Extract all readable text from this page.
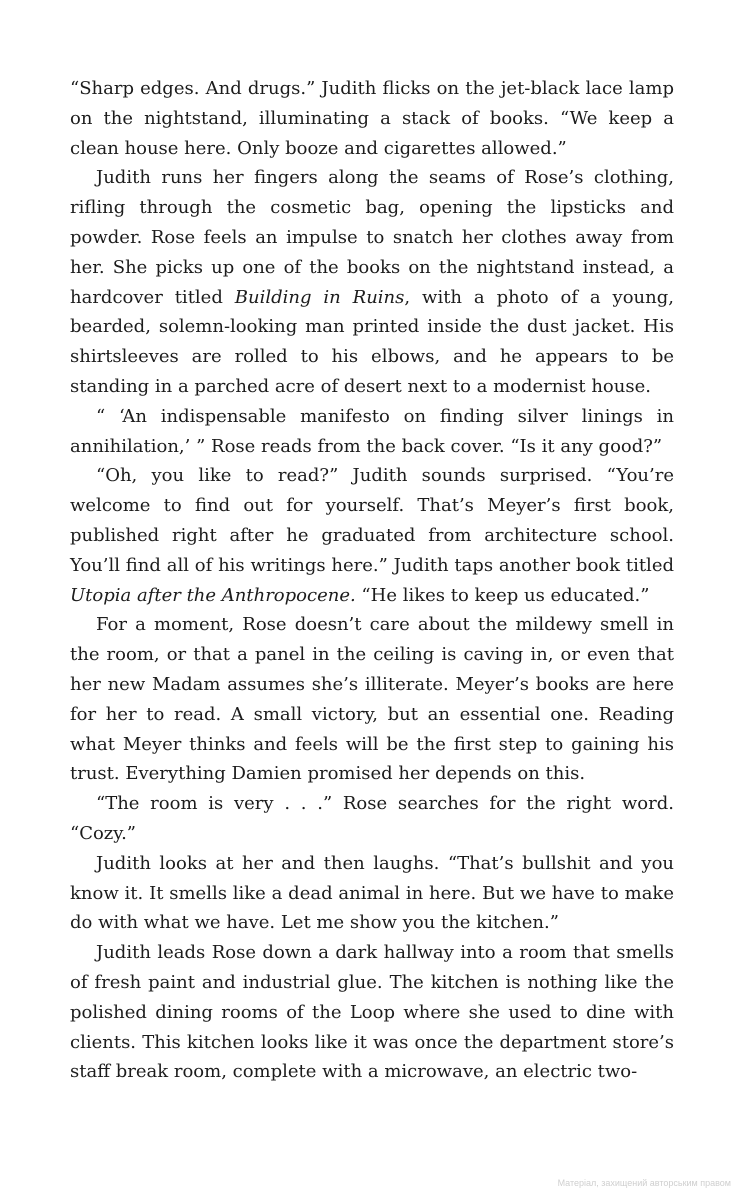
“Sharp edges. And drugs.” Judith flicks on the jet-black lace lamp on the nightstand, illuminating a stack of books. “We keep a clean house here. Only booze and cigarettes allowed.”

Judith runs her fingers along the seams of Rose’s clothing, rifling through the cosmetic bag, opening the lipsticks and powder. Rose feels an impulse to snatch her clothes away from her. She picks up one of the books on the nightstand instead, a hardcover titled Building in Ruins, with a photo of a young, bearded, solemn-looking man printed inside the dust jacket. His shirtsleeves are rolled to his elbows, and he appears to be standing in a parched acre of desert next to a modernist house.

“ ‘An indispensable manifesto on finding silver linings in annihilation,’ ” Rose reads from the back cover. “Is it any good?”

“Oh, you like to read?” Judith sounds surprised. “You’re welcome to find out for yourself. That’s Meyer’s first book, published right after he graduated from architecture school. You’ll find all of his writings here.” Judith taps another book titled Utopia after the Anthropocene. “He likes to keep us educated.”

For a moment, Rose doesn’t care about the mildewy smell in the room, or that a panel in the ceiling is caving in, or even that her new Madam assumes she’s illiterate. Meyer’s books are here for her to read. A small victory, but an essential one. Reading what Meyer thinks and feels will be the first step to gaining his trust. Everything Damien promised her depends on this.

“The room is very . . .” Rose searches for the right word. “Cozy.”

Judith looks at her and then laughs. “That’s bullshit and you know it. It smells like a dead animal in here. But we have to make do with what we have. Let me show you the kitchen.”

Judith leads Rose down a dark hallway into a room that smells of fresh paint and industrial glue. The kitchen is nothing like the polished dining rooms of the Loop where she used to dine with clients. This kitchen looks like it was once the department store’s staff break room, complete with a microwave, an electric two-

Матеріал, захищений авторським правом
